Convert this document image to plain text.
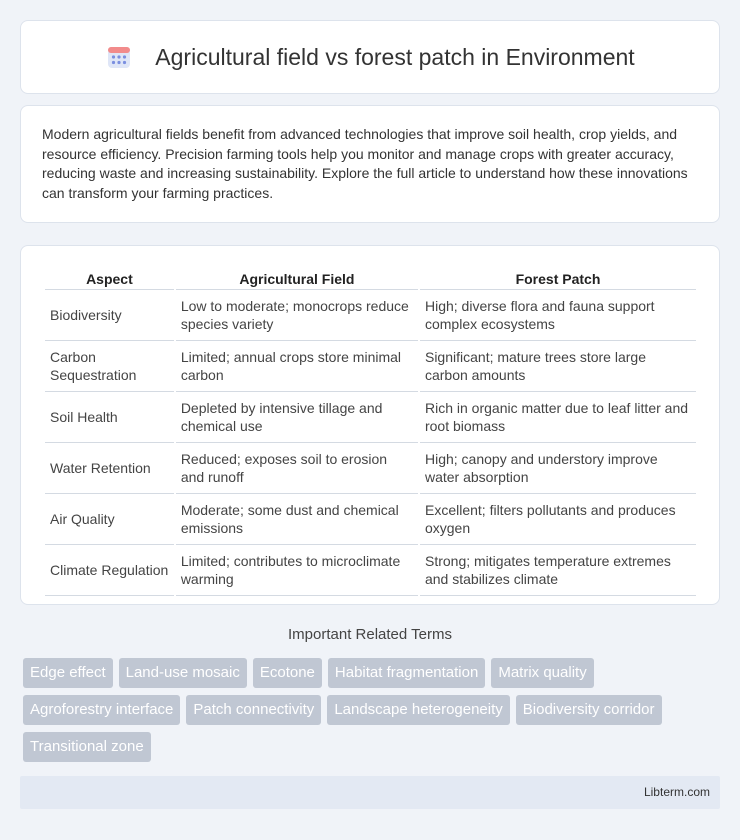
Agricultural field vs forest patch in Environment

Modern agricultural fields benefit from advanced technologies that improve soil health, crop yields, and resource efficiency. Precision farming tools help you monitor and manage crops with greater accuracy, reducing waste and increasing sustainability. Explore the full article to understand how these innovations can transform your farming practices.

Aspect	Agricultural Field	Forest Patch
Biodiversity	Low to moderate; monocrops reduce species variety	High; diverse flora and fauna support complex ecosystems
Carbon Sequestration	Limited; annual crops store minimal carbon	Significant; mature trees store large carbon amounts
Soil Health	Depleted by intensive tillage and chemical use	Rich in organic matter due to leaf litter and root biomass
Water Retention	Reduced; exposes soil to erosion and runoff	High; canopy and understory improve water absorption
Air Quality	Moderate; some dust and chemical emissions	Excellent; filters pollutants and produces oxygen
Climate Regulation	Limited; contributes to microclimate warming	Strong; mitigates temperature extremes and stabilizes climate
Important Related Terms
Edge effect	Land-use mosaic	Ecotone	Habitat fragmentation	Matrix quality
Agroforestry interface	Patch connectivity	Landscape heterogeneity	Biodiversity corridor
Transitional zone
Libterm.com
